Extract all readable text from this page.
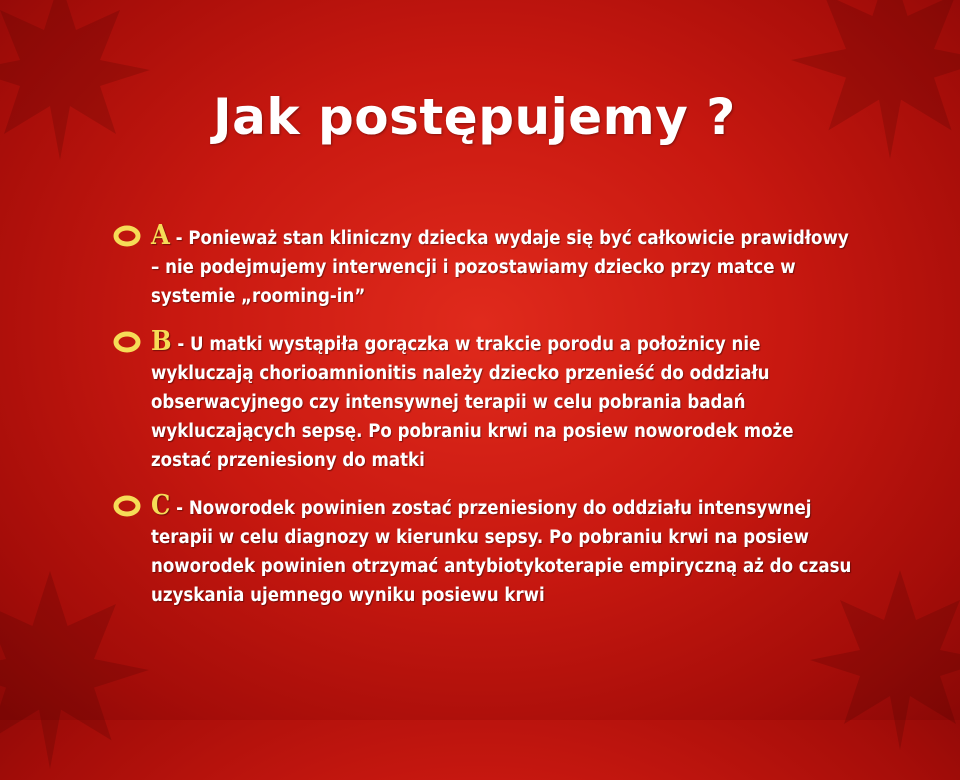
Jak postępujemy ?
A - Ponieważ stan kliniczny dziecka wydaje się być całkowicie prawidłowy – nie podejmujemy interwencji i pozostawiamy dziecko przy matce w systemie „rooming-in”
B - U matki wystąpiła gorączka w trakcie porodu a położnicy nie wykluczają chorioamnionitis należy dziecko przenieść do oddziału obserwacyjnego czy intensywnej terapii w celu pobrania badań wykluczających sepsę. Po pobraniu krwi na posiew noworodek może zostać przeniesiony do matki
C - Noworodek powinien zostać przeniesiony do oddziału intensywnej terapii w celu diagnozy w kierunku sepsy. Po pobraniu krwi na posiew noworodek powinien otrzymać antybiotykoterapie empiryczną aż do czasu uzyskania ujemnego wyniku posiewu krwi
